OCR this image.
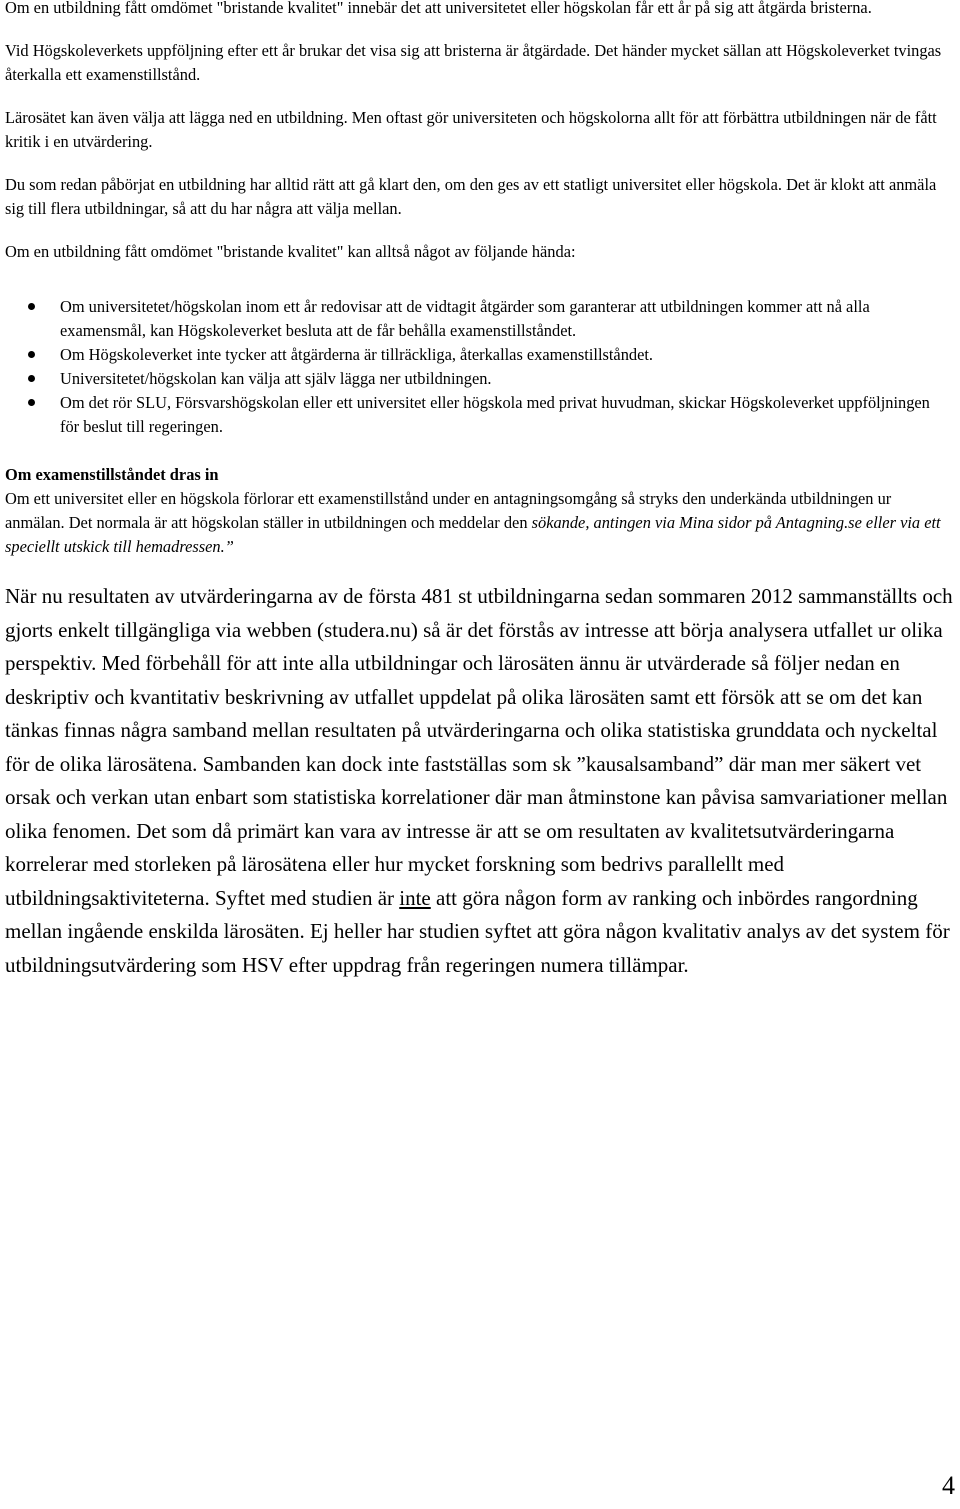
Om en utbildning fått omdömet "bristande kvalitet" innebär det att universitetet eller högskolan får ett år på sig att åtgärda bristerna.

Vid Högskoleverkets uppföljning efter ett år brukar det visa sig att bristerna är åtgärdade. Det händer mycket sällan att Högskoleverket tvingas återkalla ett examenstillstånd.

Lärosätet kan även välja att lägga ned en utbildning. Men oftast gör universiteten och högskolorna allt för att förbättra utbildningen när de fått kritik i en utvärdering.

Du som redan påbörjat en utbildning har alltid rätt att gå klart den, om den ges av ett statligt universitet eller högskola. Det är klokt att anmäla sig till flera utbildningar, så att du har några att välja mellan.

Om en utbildning fått omdömet "bristande kvalitet" kan alltså något av följande hända:

Om universitetet/högskolan inom ett år redovisar att de vidtagit åtgärder som garanterar att utbildningen kommer att nå alla examensmål, kan Högskoleverket besluta att de får behålla examenstillståndet.
Om Högskoleverket inte tycker att åtgärderna är tillräckliga, återkallas examenstillståndet.
Universitetet/högskolan kan välja att själv lägga ner utbildningen.
Om det rör SLU, Försvarshögskolan eller ett universitet eller högskola med privat huvudman, skickar Högskoleverket uppföljningen för beslut till regeringen.

Om examenstillståndet dras in

Om ett universitet eller en högskola förlorar ett examenstillstånd under en antagningsomgång så stryks den underkända utbildningen ur anmälan. Det normala är att högskolan ställer in utbildningen och meddelar den sökande, antingen via Mina sidor på Antagning.se eller via ett speciellt utskick till hemadressen.”

När nu resultaten av utvärderingarna av de första 481 st utbildningarna sedan sommaren 2012 sammanställts och gjorts enkelt tillgängliga via webben (studera.nu) så är det förstås av intresse att börja analysera utfallet ur olika perspektiv. Med förbehåll för att inte alla utbildningar och lärosäten ännu är utvärderade så följer nedan en deskriptiv och kvantitativ beskrivning av utfallet uppdelat på olika lärosäten samt ett försök att se om det kan tänkas finnas några samband mellan resultaten på utvärderingarna och olika statistiska grunddata och nyckeltal för de olika lärosätena. Sambanden kan dock inte fastställas som sk ”kausalsamband” där man mer säkert vet orsak och verkan utan enbart som statistiska korrelationer där man åtminstone kan påvisa samvariationer mellan olika fenomen. Det som då primärt kan vara av intresse är att se om resultaten av kvalitetsutvärderingarna korrelerar med storleken på lärosätena eller hur mycket forskning som bedrivs parallellt med utbildningsaktiviteterna. Syftet med studien är inte att göra någon form av ranking och inbördes rangordning mellan ingående enskilda lärosäten. Ej heller har studien syftet att göra någon kvalitativ analys av det system för utbildningsutvärdering som HSV efter uppdrag från regeringen numera tillämpar.

4
